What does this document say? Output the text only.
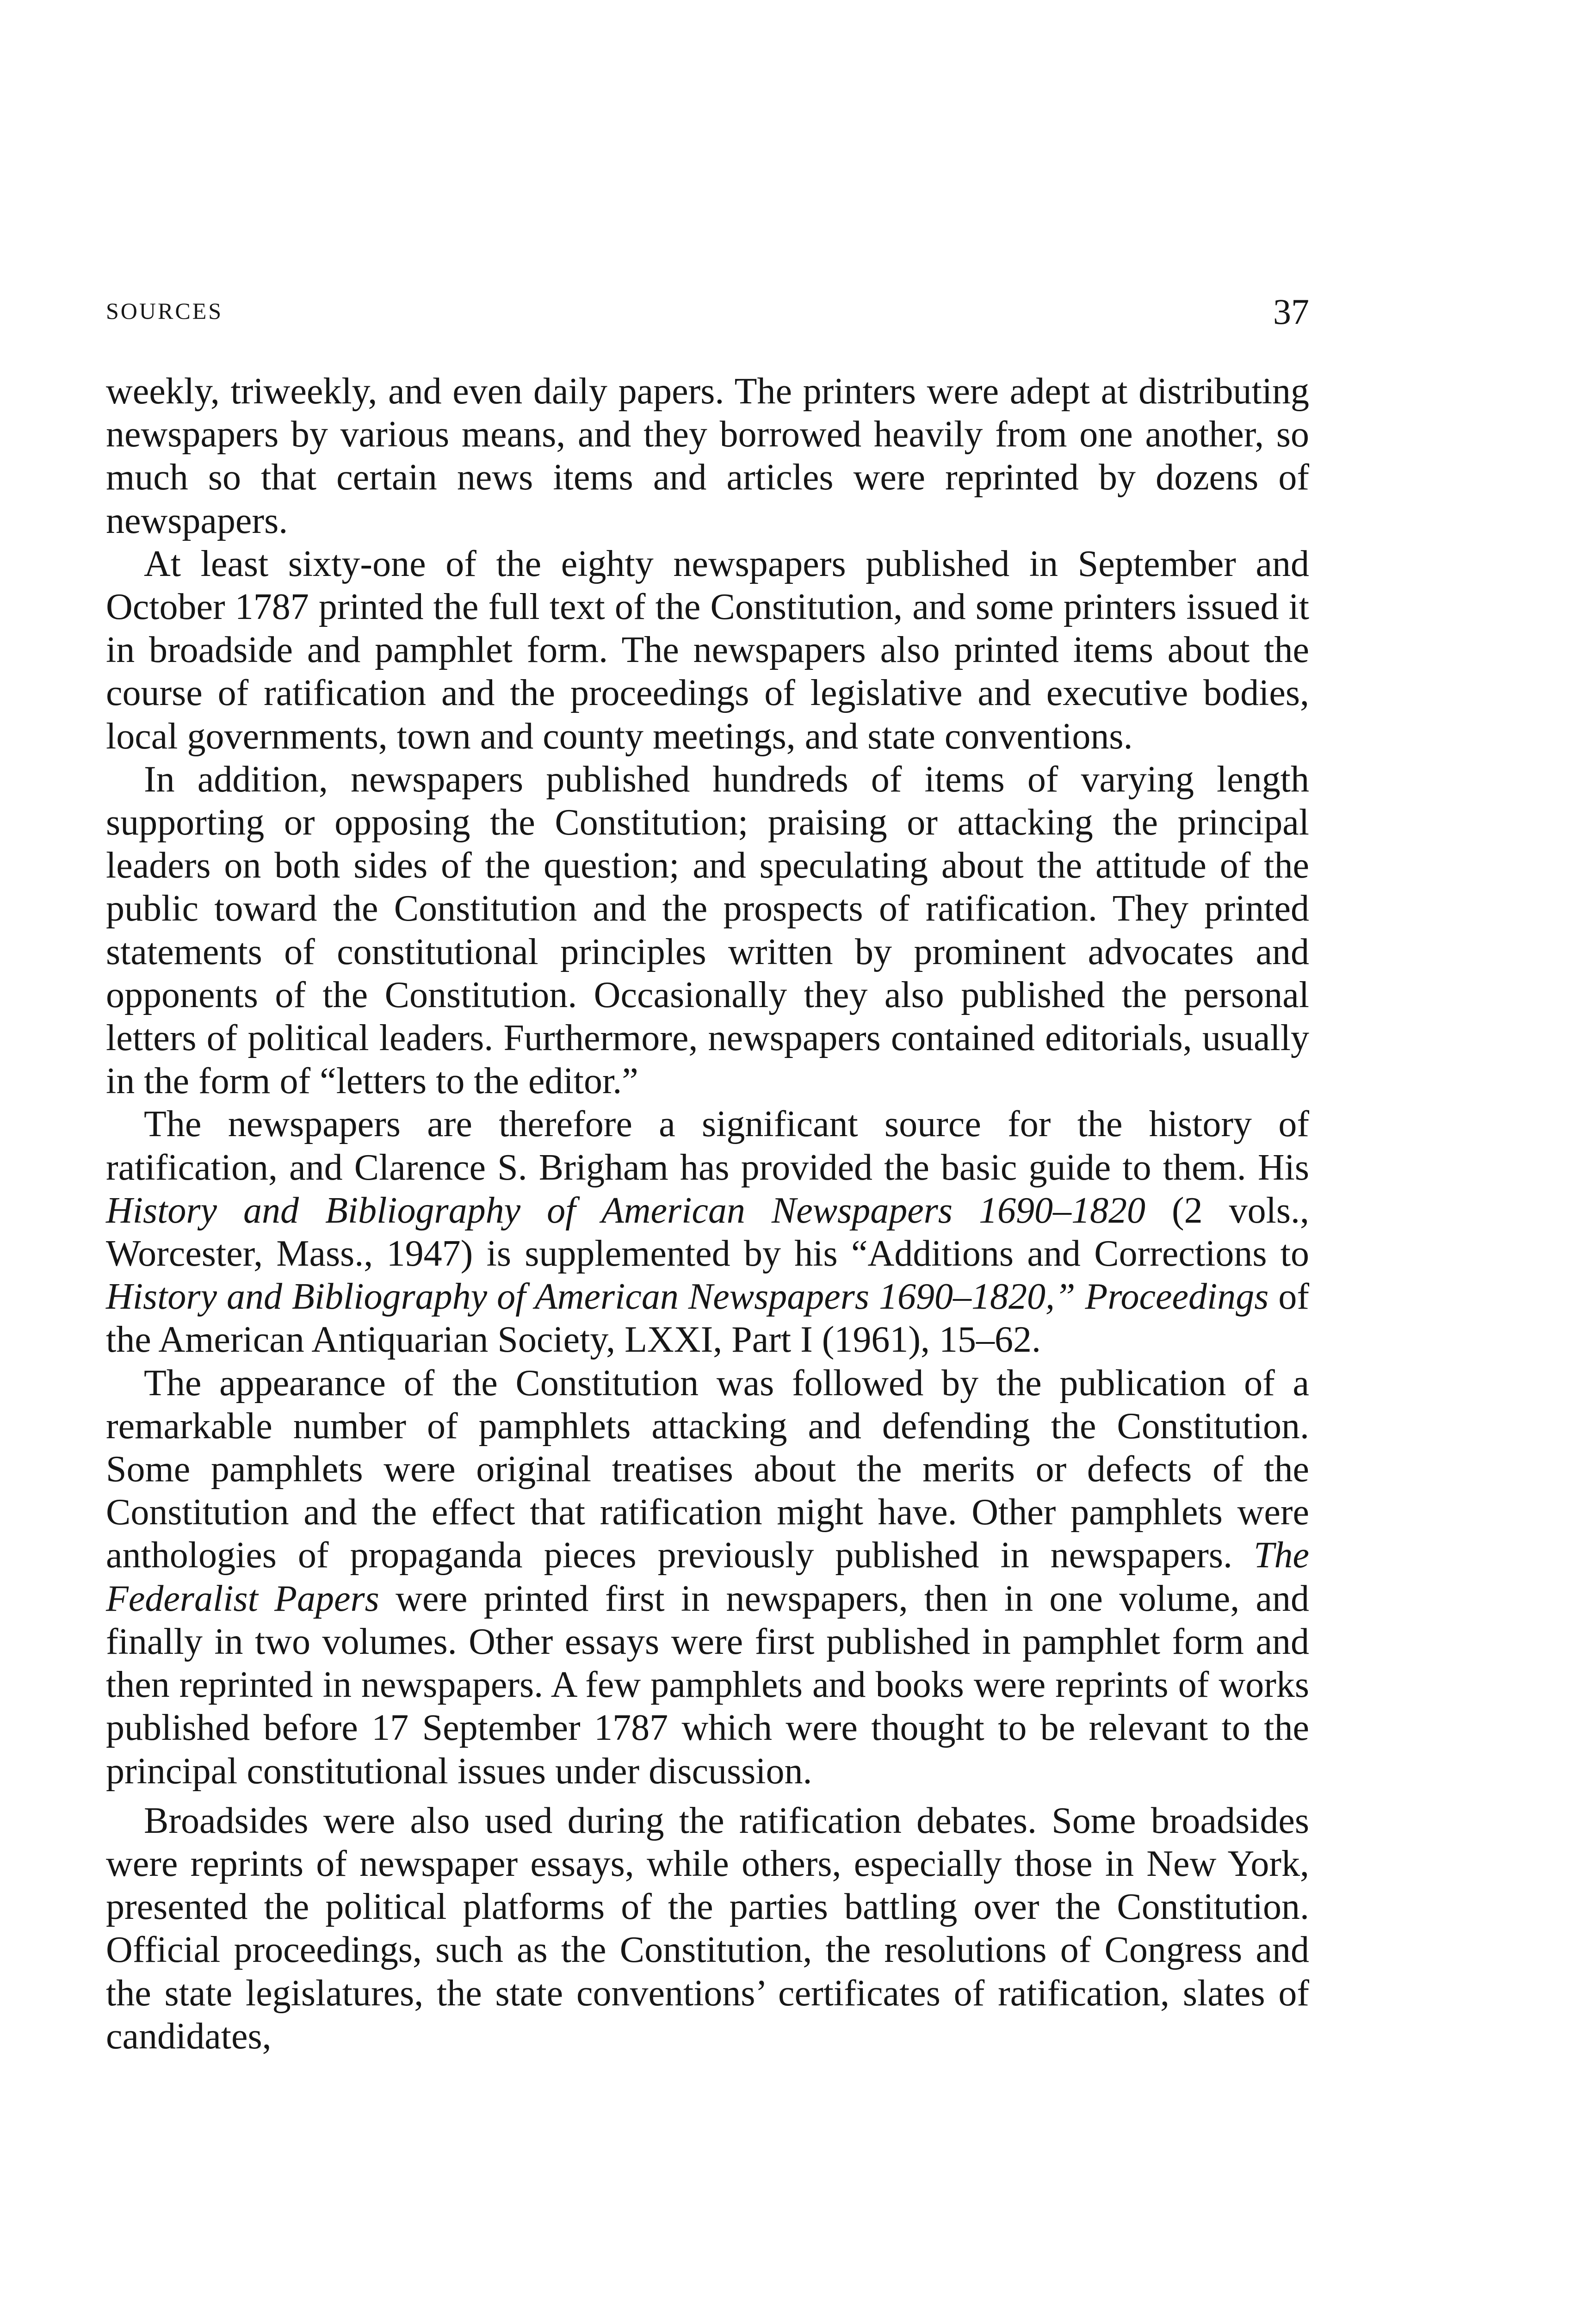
SOURCES	37

weekly, triweekly, and even daily papers. The printers were adept at distributing newspapers by various means, and they borrowed heavily from one another, so much so that certain news items and articles were reprinted by dozens of newspapers.

At least sixty-one of the eighty newspapers published in September and October 1787 printed the full text of the Constitution, and some printers issued it in broadside and pamphlet form. The newspapers also printed items about the course of ratification and the proceedings of legislative and executive bodies, local governments, town and county meetings, and state conventions.

In addition, newspapers published hundreds of items of varying length supporting or opposing the Constitution; praising or attacking the principal leaders on both sides of the question; and speculating about the attitude of the public toward the Constitution and the prospects of ratification. They printed statements of constitutional principles written by prominent advocates and opponents of the Constitution. Occasionally they also published the personal letters of political leaders. Furthermore, newspapers contained editorials, usually in the form of “letters to the editor.”

The newspapers are therefore a significant source for the history of ratification, and Clarence S. Brigham has provided the basic guide to them. His History and Bibliography of American Newspapers 1690–1820 (2 vols., Worcester, Mass., 1947) is supplemented by his “Additions and Corrections to History and Bibliography of American Newspapers 1690–1820,” Proceedings of the American Antiquarian Society, LXXI, Part I (1961), 15–62.

The appearance of the Constitution was followed by the publication of a remarkable number of pamphlets attacking and defending the Constitution. Some pamphlets were original treatises about the merits or defects of the Constitution and the effect that ratification might have. Other pamphlets were anthologies of propaganda pieces previously published in newspapers. The Federalist Papers were printed first in newspapers, then in one volume, and finally in two volumes. Other essays were first published in pamphlet form and then reprinted in newspapers. A few pamphlets and books were reprints of works published before 17 September 1787 which were thought to be relevant to the principal constitutional issues under discussion.

Broadsides were also used during the ratification debates. Some broadsides were reprints of newspaper essays, while others, especially those in New York, presented the political platforms of the parties battling over the Constitution. Official proceedings, such as the Constitution, the resolutions of Congress and the state legislatures, the state conventions’ certificates of ratification, slates of candidates,
